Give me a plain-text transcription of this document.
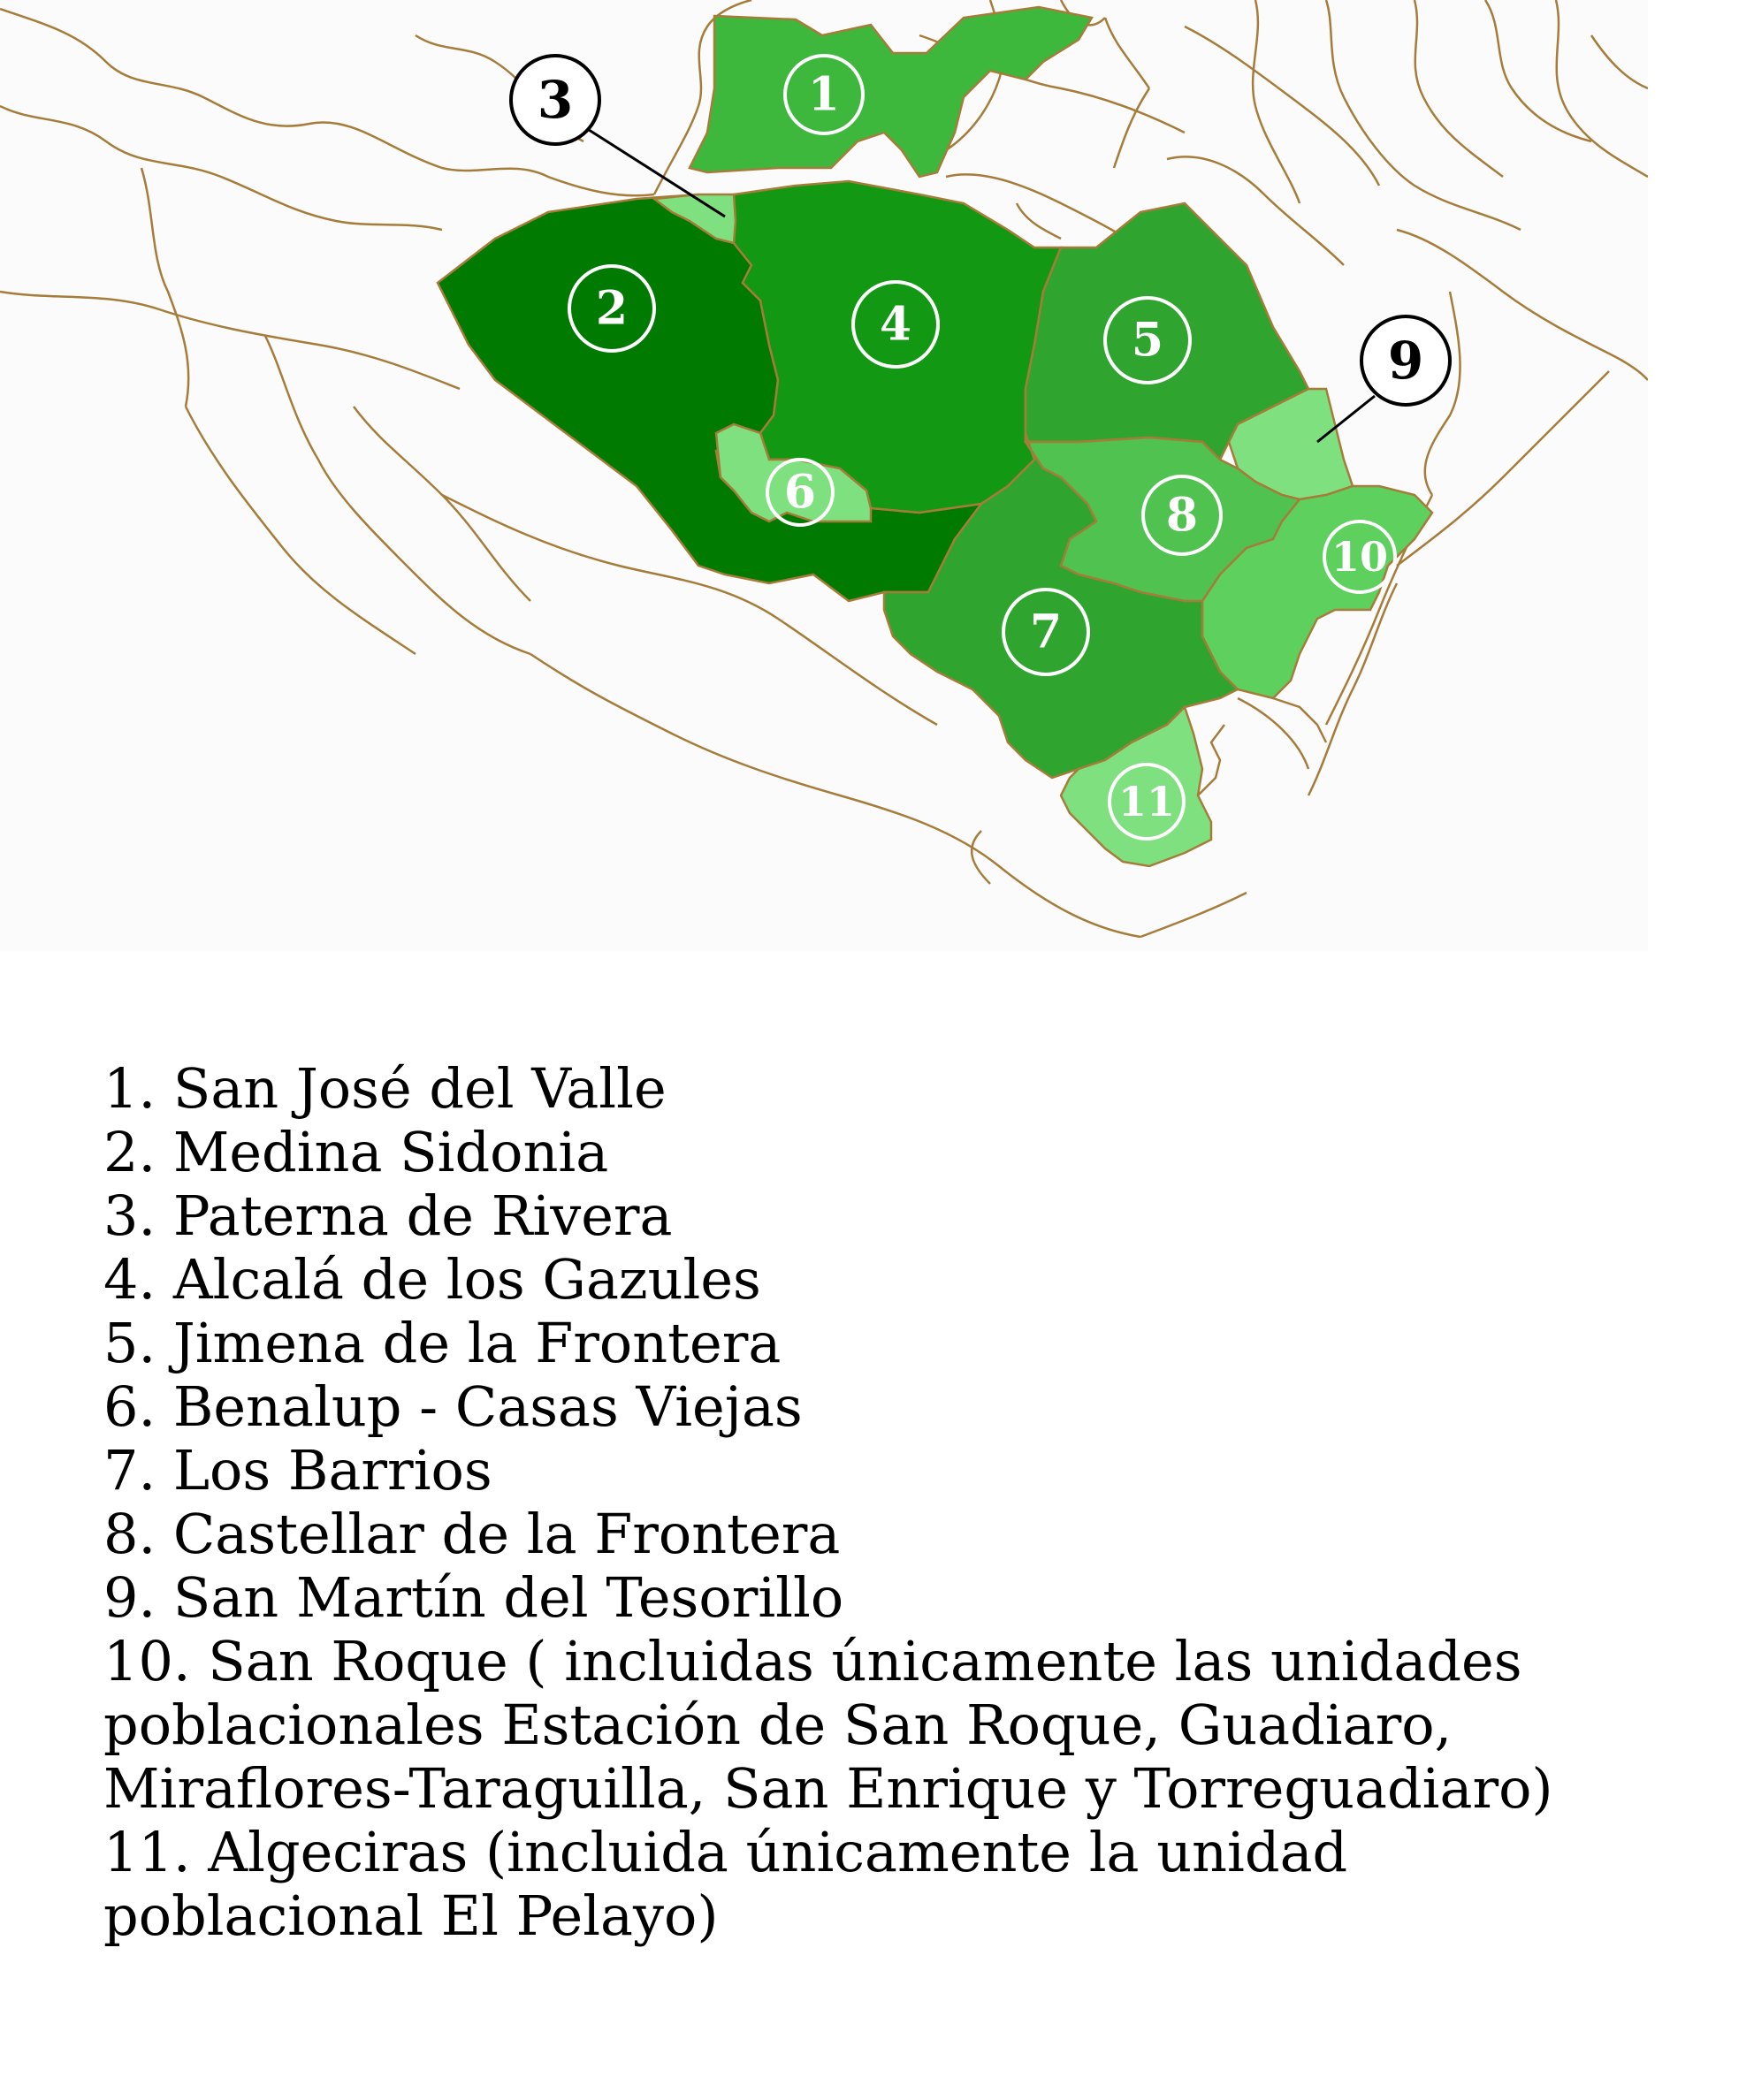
1
2	4	5
6	8
10
7
11
3
9

1. San José del Valle

2. Medina Sidonia

3. Paterna de Rivera

4. Alcalá de los Gazules

5. Jimena de la Frontera

6. Benalup - Casas Viejas

7. Los Barrios

8. Castellar de la Frontera

9. San Martín del Tesorillo

10. San Roque ( incluidas únicamente las unidades poblacionales Estación de San Roque, Guadiaro, Miraflores-Taraguilla, San Enrique y Torreguadiaro)

11. Algeciras (incluida únicamente la unidad poblacional El Pelayo)
